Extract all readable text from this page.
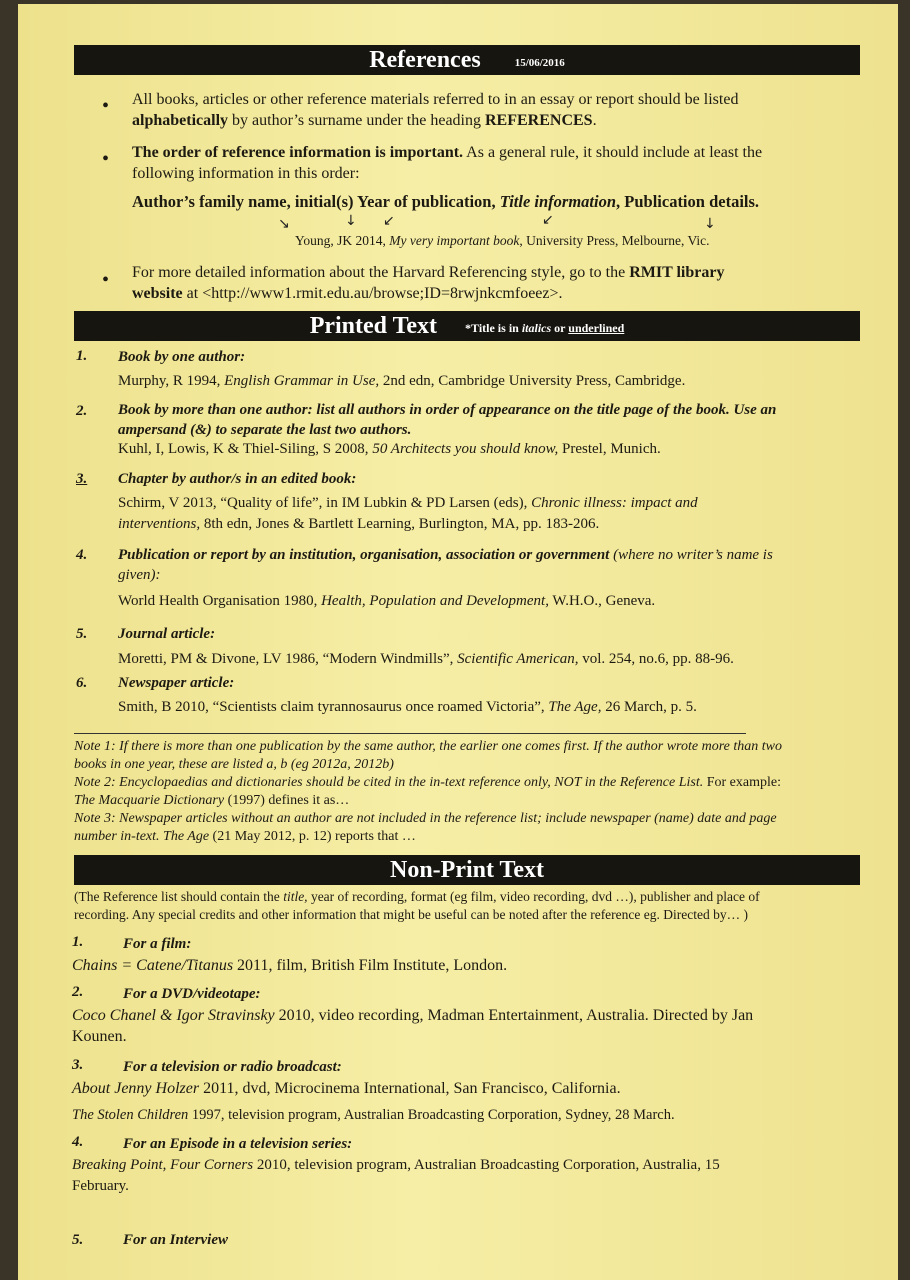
References	15/06/2016
• All books, articles or other reference materials referred to in an essay or report should be listed
alphabetically by author’s surname under the heading REFERENCES.
• The order of reference information is important. As a general rule, it should include at least the
following information in this order:
Author’s family name, initial(s) Year of publication, Title information, Publication details.
↘	↓ ↙	↙	↓
Young, JK 2014, My very important book, University Press, Melbourne, Vic.
• For more detailed information about the Harvard Referencing style, go to the RMIT library
website at <http://www1.rmit.edu.au/browse;ID=8rwjnkcmfoeez>.
Printed Text *Title is in italics or underlined
1. Book by one author:
Murphy, R 1994, English Grammar in Use, 2nd edn, Cambridge University Press, Cambridge.
2. Book by more than one author: list all authors in order of appearance on the title page of the book. Use an
ampersand (&) to separate the last two authors.
Kuhl, I, Lowis, K & Thiel-Siling, S 2008, 50 Architects you should know, Prestel, Munich.
3. Chapter by author/s in an edited book:
Schirm, V 2013, “Quality of life”, in IM Lubkin & PD Larsen (eds), Chronic illness: impact and
interventions, 8th edn, Jones & Bartlett Learning, Burlington, MA, pp. 183-206.
4. Publication or report by an institution, organisation, association or government (where no writer’s name is
given):
World Health Organisation 1980, Health, Population and Development, W.H.O., Geneva.
5. Journal article:
Moretti, PM & Divone, LV 1986, “Modern Windmills”, Scientific American, vol. 254, no.6, pp. 88-96.
6. Newspaper article:
Smith, B 2010, “Scientists claim tyrannosaurus once roamed Victoria”, The Age, 26 March, p. 5.
Note 1: If there is more than one publication by the same author, the earlier one comes first. If the author wrote more than two
books in one year, these are listed a, b (eg 2012a, 2012b)
Note 2: Encyclopaedias and dictionaries should be cited in the in-text reference only, NOT in the Reference List. For example:
The Macquarie Dictionary (1997) defines it as…
Note 3: Newspaper articles without an author are not included in the reference list; include newspaper (name) date and page
number in-text. The Age (21 May 2012, p. 12) reports that …
Non-Print Text
(The Reference list should contain the title, year of recording, format (eg film, video recording, dvd …), publisher and place of
recording. Any special credits and other information that might be useful can be noted after the reference eg. Directed by… )
1.	For a film:
Chains = Catene/Titanus 2011, film, British Film Institute, London.
2.	For a DVD/videotape:
Coco Chanel & Igor Stravinsky 2010, video recording, Madman Entertainment, Australia. Directed by Jan
Kounen.
3.	For a television or radio broadcast:
About Jenny Holzer 2011, dvd, Microcinema International, San Francisco, California.
The Stolen Children 1997, television program, Australian Broadcasting Corporation, Sydney, 28 March.
4.	For an Episode in a television series:
Breaking Point, Four Corners 2010, television program, Australian Broadcasting Corporation, Australia, 15
February.
5.	For an Interview
